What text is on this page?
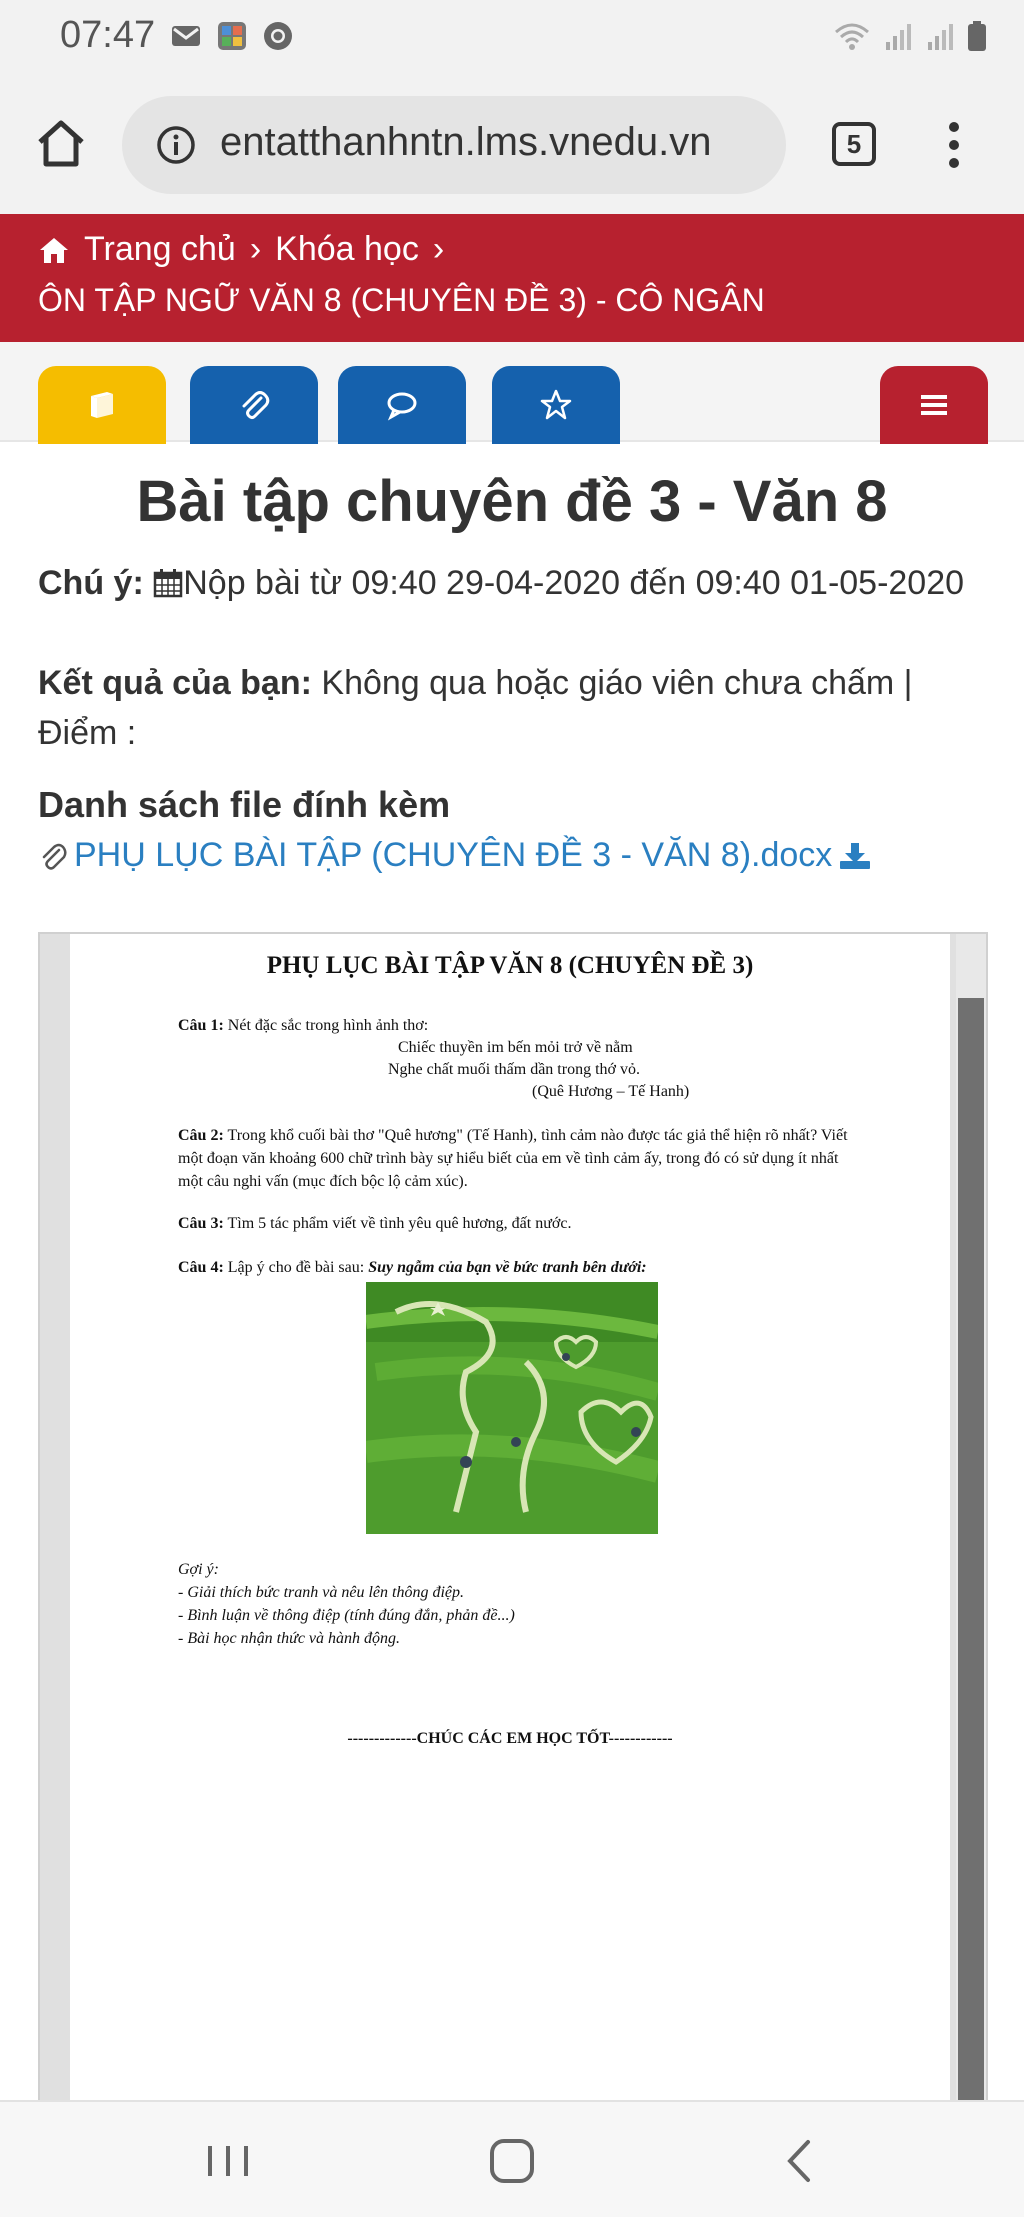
07:47
entatthanhntn.lms.vnedu.vn	5
Trang chủ › Khóa học ›
ÔN TẬP NGỮ VĂN 8 (CHUYÊN ĐỀ 3) - CÔ NGÂN
Bài tập chuyên đề 3 - Văn 8
Chú ý: Nộp bài từ 09:40 29-04-2020 đến 09:40 01-05-2020
Kết quả của bạn: Không qua hoặc giáo viên chưa chấm | Điểm :
Danh sách file đính kèm
PHỤ LỤC BÀI TẬP (CHUYÊN ĐỀ 3 - VĂN 8).docx
PHỤ LỤC BÀI TẬP VĂN 8 (CHUYÊN ĐỀ 3)
Câu 1: Nét đặc sắc trong hình ảnh thơ:
Chiếc thuyền im bến mỏi trở về nằm
Nghe chất muối thấm dần trong thớ vỏ.
(Quê Hương – Tế Hanh)
Câu 2: Trong khổ cuối bài thơ "Quê hương" (Tế Hanh), tình cảm nào được tác giả thể hiện rõ nhất? Viết một đoạn văn khoảng 600 chữ trình bày sự hiểu biết của em về tình cảm ấy, trong đó có sử dụng ít nhất một câu nghi vấn (mục đích bộc lộ cảm xúc).
Câu 3: Tìm 5 tác phẩm viết về tình yêu quê hương, đất nước.
Câu 4: Lập ý cho đề bài sau: Suy ngẫm của bạn về bức tranh bên dưới:
Gợi ý:
- Giải thích bức tranh và nêu lên thông điệp.
- Bình luận về thông điệp (tính đúng đắn, phản đề...)
- Bài học nhận thức và hành động.
-------------CHÚC CÁC EM HỌC TỐT------------
